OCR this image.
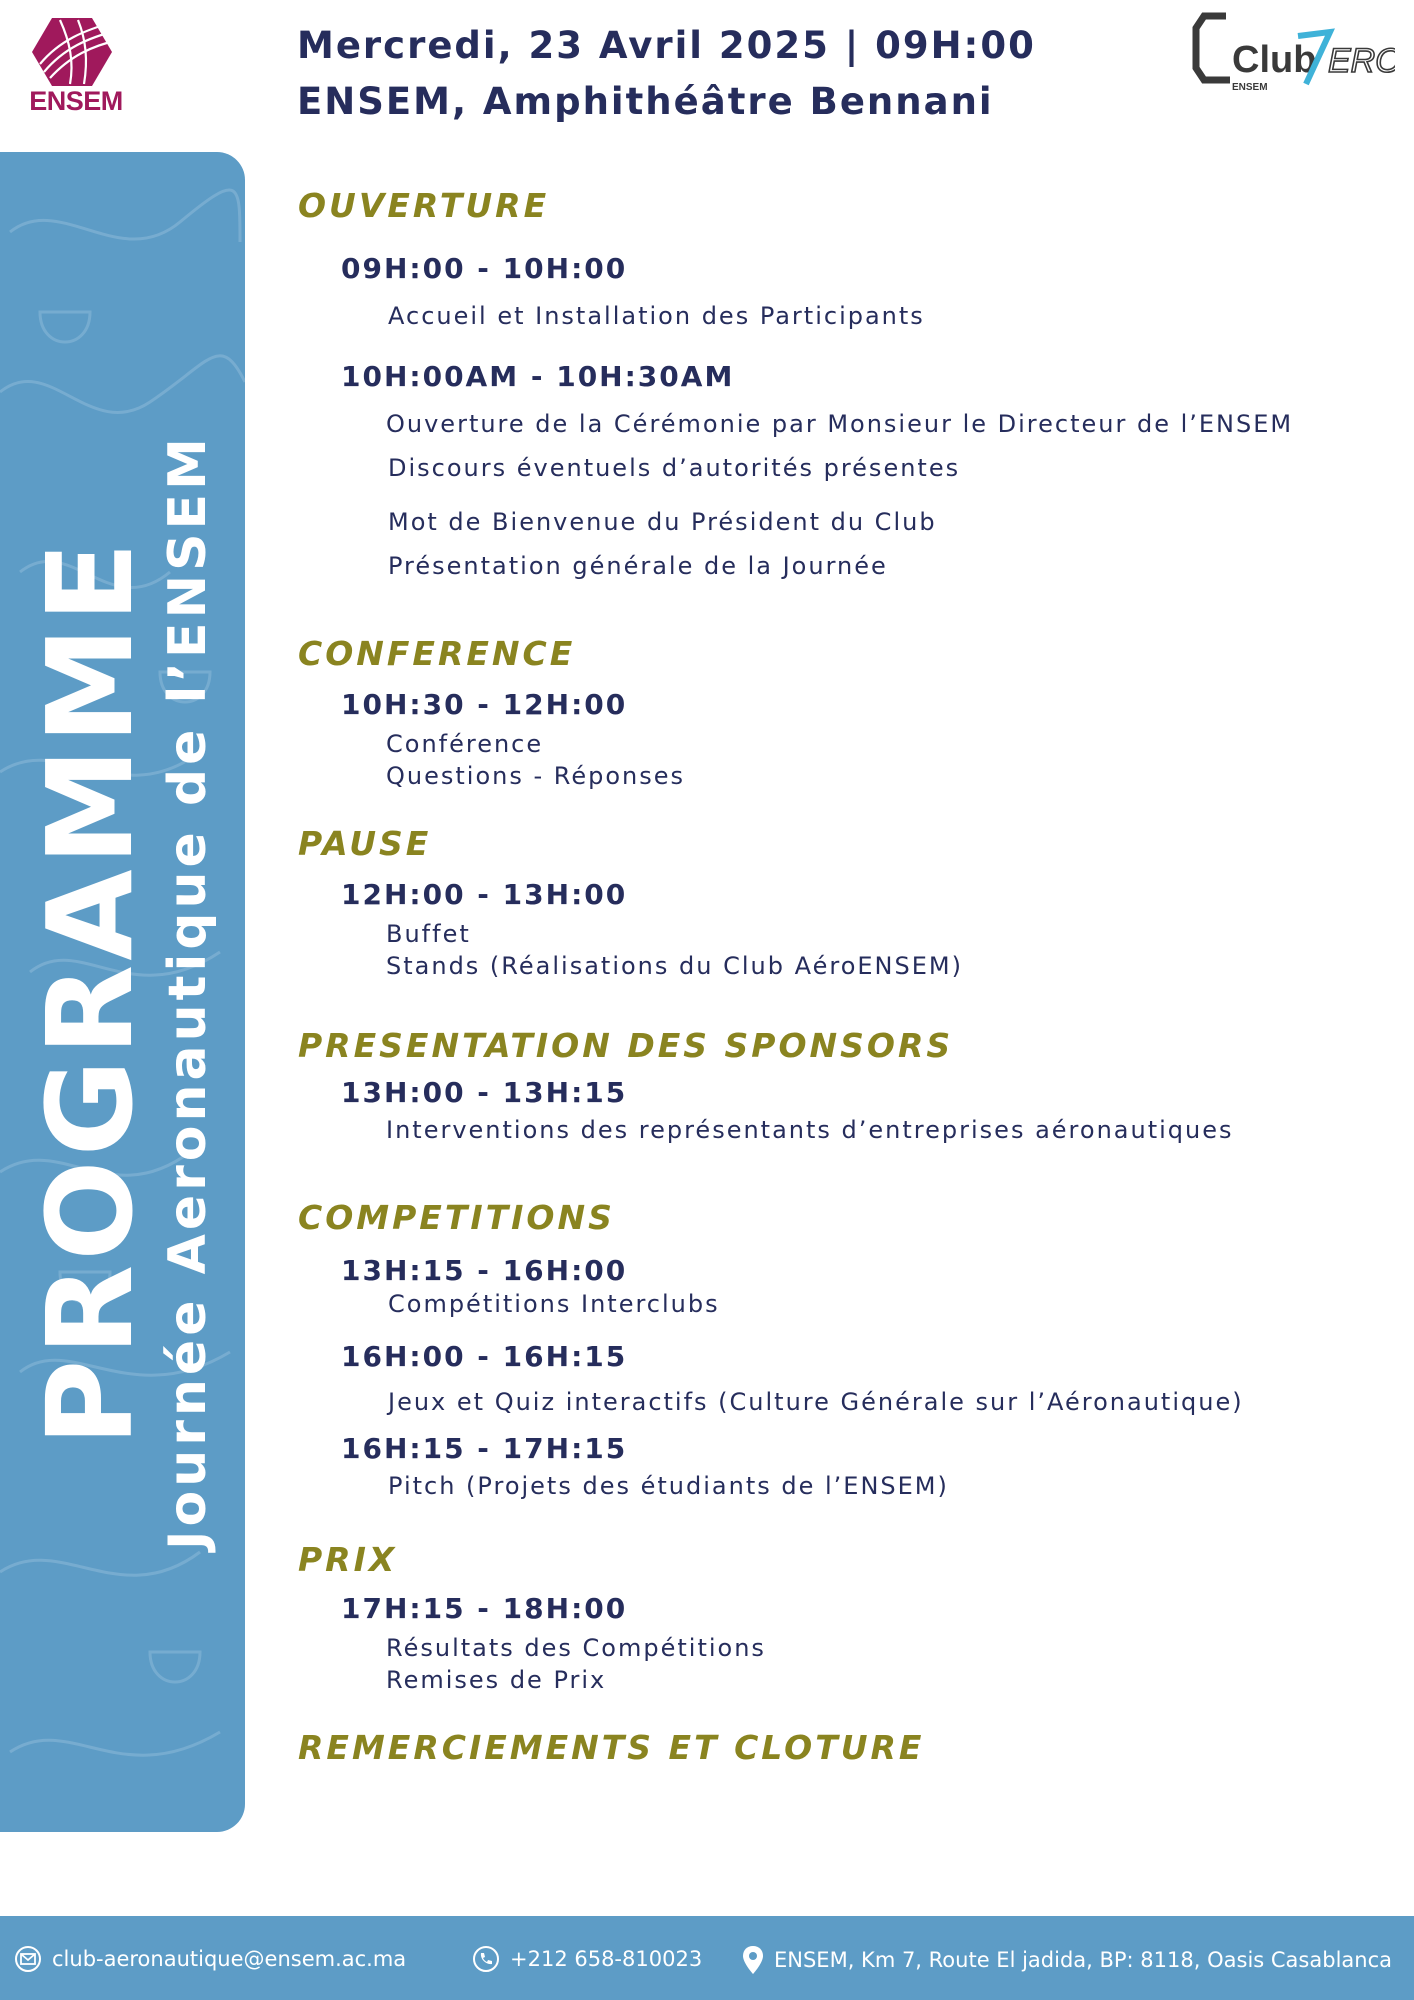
ENSEM
Club ERO
ENSEM
Mercredi, 23 Avril 2025 | 09H:00
ENSEM, Amphithéâtre Bennani
PROGRAMME Journée Aeronautique de l’ENSEM
OUVERTURE
09H:00 - 10H:00
Accueil et Installation des Participants
10H:00AM - 10H:30AM
Ouverture de la Cérémonie par Monsieur le Directeur de l’ENSEM
Discours éventuels d’autorités présentes
Mot de Bienvenue du Président du Club
Présentation générale de la Journée
CONFERENCE
10H:30 - 12H:00
Conférence
Questions - Réponses
PAUSE
12H:00 - 13H:00
Buffet
Stands (Réalisations du Club AéroENSEM)
PRESENTATION DES SPONSORS
13H:00 - 13H:15
Interventions des représentants d’entreprises aéronautiques
COMPETITIONS
13H:15 - 16H:00
Compétitions Interclubs
16H:00 - 16H:15
Jeux et Quiz interactifs (Culture Générale sur l’Aéronautique)
16H:15 - 17H:15
Pitch (Projets des étudiants de l’ENSEM)
PRIX
17H:15 - 18H:00
Résultats des Compétitions
Remises de Prix
REMERCIEMENTS ET CLOTURE
club-aeronautique@ensem.ac.ma	+212 658-810023	ENSEM, Km 7, Route El jadida, BP: 8118, Oasis Casablanca
